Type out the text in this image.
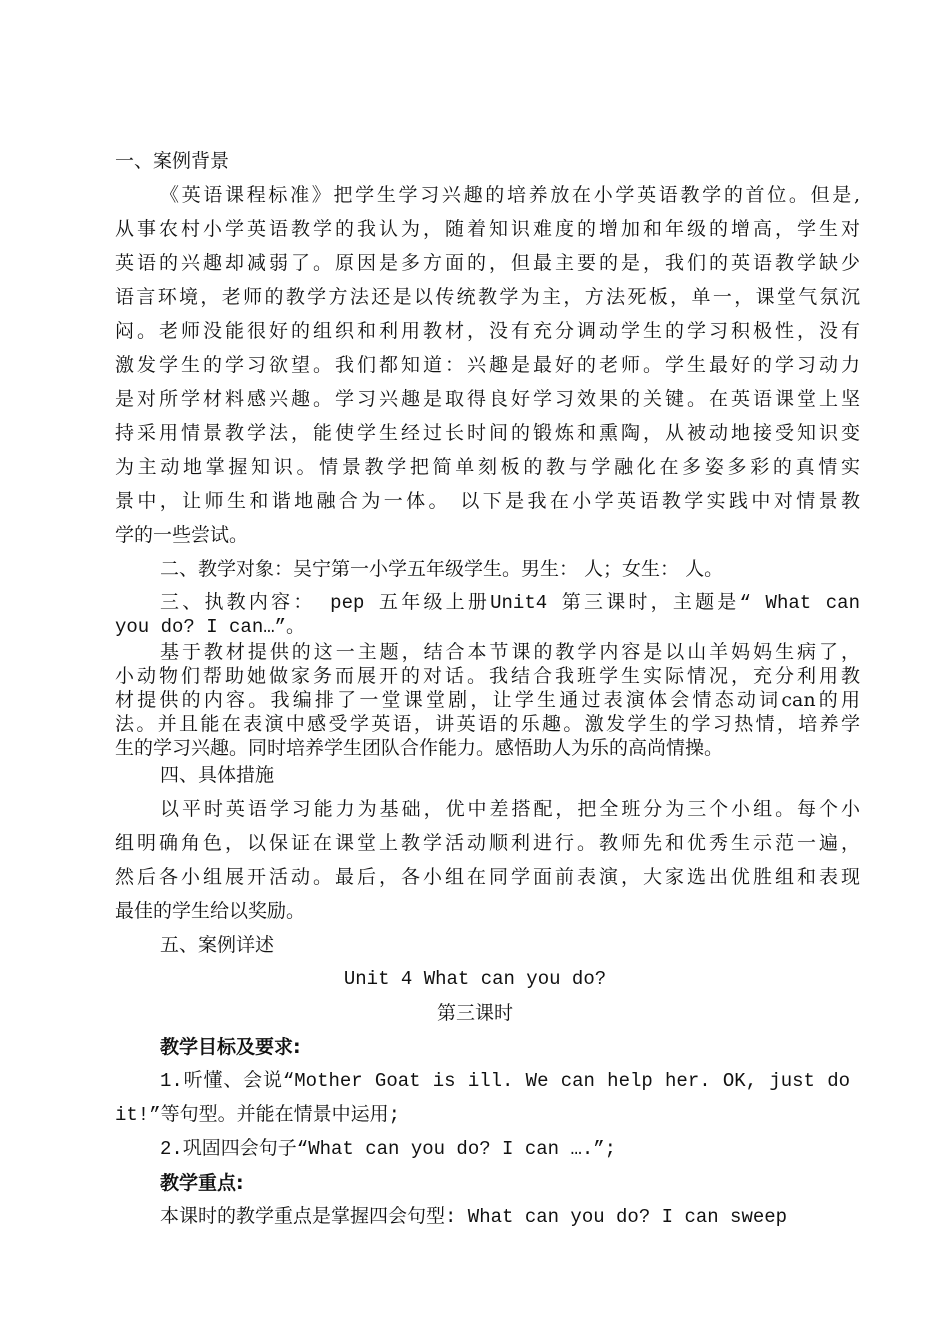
一、案例背景
《英语课程标准》把学生学习兴趣的培养放在小学英语教学的首位。但是,
从事农村小学英语教学的我认为，随着知识难度的增加和年级的增高，学生对
英语的兴趣却减弱了。原因是多方面的，但最主要的是，我们的英语教学缺少
语言环境，老师的教学方法还是以传统教学为主，方法死板，单一，课堂气氛沉
闷。老师没能很好的组织和利用教材，没有充分调动学生的学习积极性，没有
激发学生的学习欲望。我们都知道：兴趣是最好的老师。学生最好的学习动力
是对所学材料感兴趣。学习兴趣是取得良好学习效果的关键。在英语课堂上坚
持采用情景教学法，能使学生经过长时间的锻炼和熏陶，从被动地接受知识变
为主动地掌握知识。情景教学把简单刻板的教与学融化在多姿多彩的真情实
景中，让师生和谐地融合为一体。 以下是我在小学英语教学实践中对情景教
学的一些尝试。
二、教学对象：吴宁第一小学五年级学生。男生： 人；女生： 人。
三、执教内容： pep 五年级上册Unit4 第三课时，主题是“ What can
you do? I can…”。
基于教材提供的这一主题，结合本节课的教学内容是以山羊妈妈生病了，
小动物们帮助她做家务而展开的对话。我结合我班学生实际情况，充分利用教
材提供的内容。我编排了一堂课堂剧，让学生通过表演体会情态动词can的用
法。并且能在表演中感受学英语，讲英语的乐趣。激发学生的学习热情，培养学
生的学习兴趣。同时培养学生团队合作能力。感悟助人为乐的高尚情操。
四、具体措施
以平时英语学习能力为基础，优中差搭配，把全班分为三个小组。每个小
组明确角色，以保证在课堂上教学活动顺利进行。教师先和优秀生示范一遍，
然后各小组展开活动。最后，各小组在同学面前表演，大家选出优胜组和表现
最佳的学生给以奖励。
五、案例详述
Unit 4 What can you do?
第三课时
教学目标及要求:
1.听懂、会说“Mother Goat is ill. We can help her. OK, just do
it!”等句型。并能在情景中运用;
2.巩固四会句子“What can you do? I can ….”;
教学重点:
本课时的教学重点是掌握四会句型: What can you do? I can sweep
